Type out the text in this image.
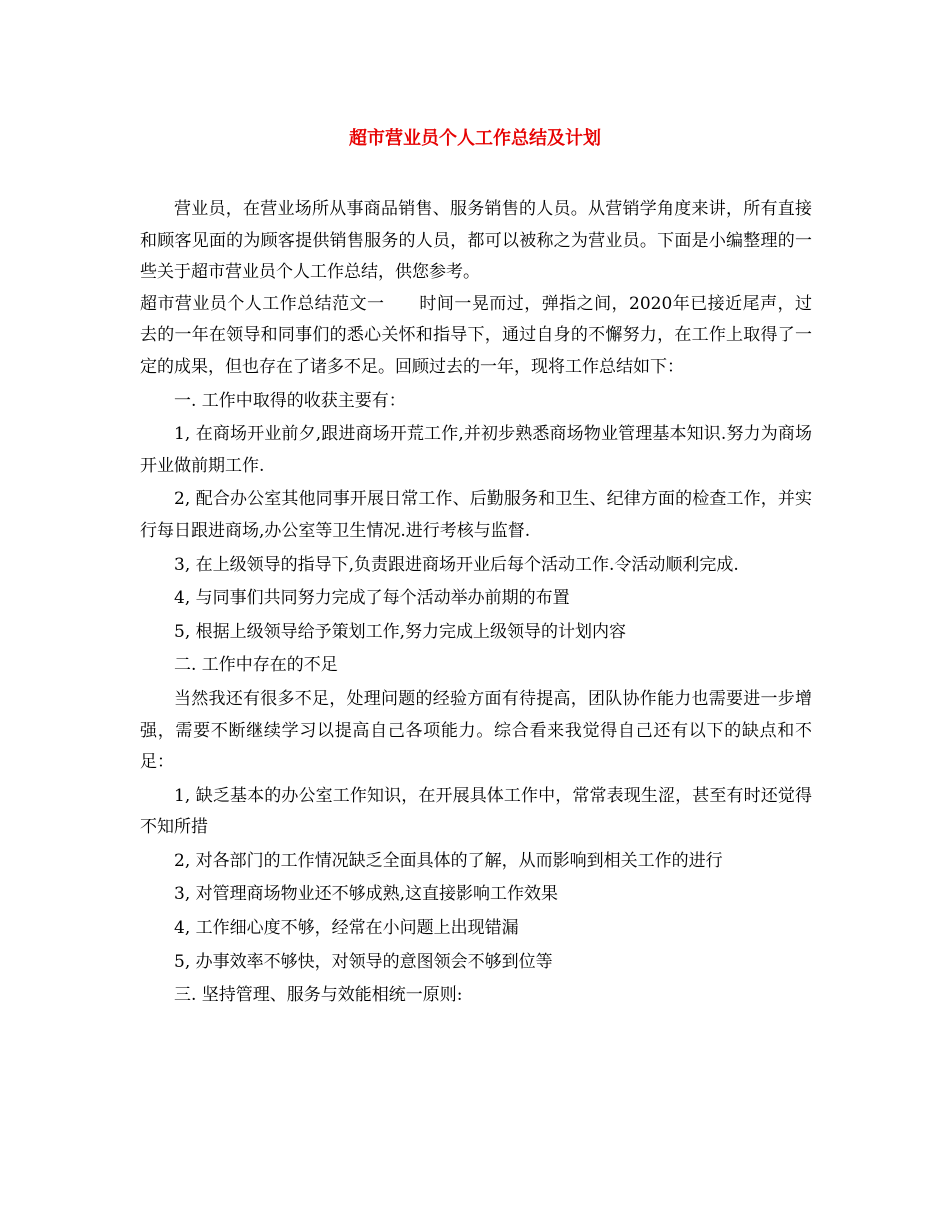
超市营业员个人工作总结及计划

营业员，在营业场所从事商品销售、服务销售的人员。从营销学角度来讲，所有直接和顾客见面的为顾客提供销售服务的人员，都可以被称之为营业员。下面是小编整理的一些关于超市营业员个人工作总结，供您参考。

超市营业员个人工作总结范文一　　时间一晃而过，弹指之间，2020年已接近尾声，过去的一年在领导和同事们的悉心关怀和指导下，通过自身的不懈努力，在工作上取得了一定的成果，但也存在了诸多不足。回顾过去的一年，现将工作总结如下：

一. 工作中取得的收获主要有：

1, 在商场开业前夕,跟进商场开荒工作,并初步熟悉商场物业管理基本知识.努力为商场开业做前期工作.

2, 配合办公室其他同事开展日常工作、后勤服务和卫生、纪律方面的检查工作，并实行每日跟进商场,办公室等卫生情况.进行考核与监督.

3, 在上级领导的指导下,负责跟进商场开业后每个活动工作.令活动顺利完成.

4, 与同事们共同努力完成了每个活动举办前期的布置

5, 根据上级领导给予策划工作,努力完成上级领导的计划内容

二. 工作中存在的不足

当然我还有很多不足，处理问题的经验方面有待提高，团队协作能力也需要进一步增强，需要不断继续学习以提高自己各项能力。综合看来我觉得自己还有以下的缺点和不足：

1, 缺乏基本的办公室工作知识，在开展具体工作中，常常表现生涩，甚至有时还觉得不知所措

2, 对各部门的工作情况缺乏全面具体的了解，从而影响到相关工作的进行

3, 对管理商场物业还不够成熟,这直接影响工作效果

4, 工作细心度不够，经常在小问题上出现错漏

5, 办事效率不够快，对领导的意图领会不够到位等

三. 坚持管理、服务与效能相统一原则:
